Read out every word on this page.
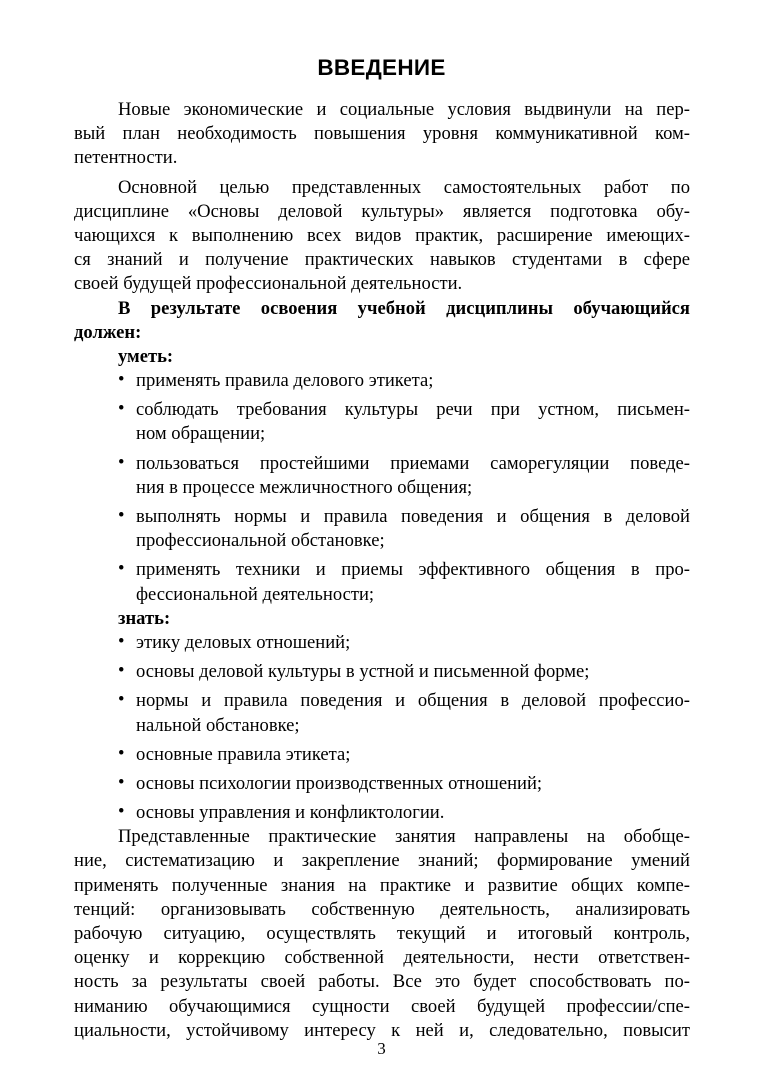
ВВЕДЕНИЕ
Новые экономические и социальные условия выдвинули на пер-
вый план необходимость повышения уровня коммуникативной ком-
петентности.
Основной целью представленных самостоятельных работ по
дисциплине «Основы деловой культуры» является подготовка обу-
чающихся к выполнению всех видов практик, расширение имеющих-
ся знаний и получение практических навыков студентами в сфере
своей будущей профессиональной деятельности.
В результате освоения учебной дисциплины обучающийся
должен:
уметь:
• применять правила делового этикета;
• соблюдать требования культуры речи при устном, письмен-
ном обращении;
• пользоваться простейшими приемами саморегуляции поведе-
ния в процессе межличностного общения;
• выполнять нормы и правила поведения и общения в деловой
профессиональной обстановке;
• применять техники и приемы эффективного общения в про-
фессиональной деятельности;
знать:
• этику деловых отношений;
• основы деловой культуры в устной и письменной форме;
• нормы и правила поведения и общения в деловой профессио-
нальной обстановке;
• основные правила этикета;
• основы психологии производственных отношений;
• основы управления и конфликтологии.
Представленные практические занятия направлены на обобще-
ние, систематизацию и закрепление знаний; формирование умений
применять полученные знания на практике и развитие общих компе-
тенций: организовывать собственную деятельность, анализировать
рабочую ситуацию, осуществлять текущий и итоговый контроль,
оценку и коррекцию собственной деятельности, нести ответствен-
ность за результаты своей работы. Все это будет способствовать по-
ниманию обучающимися сущности своей будущей профессии/спе-
циальности, устойчивому интересу к ней и, следовательно, повысит
3
